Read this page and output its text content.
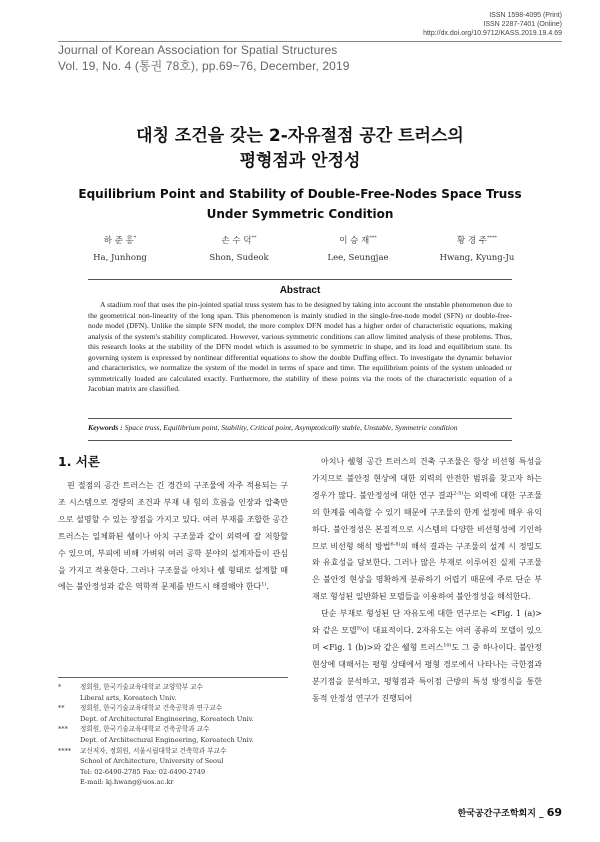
ISSN 1598-4095 (Print)
ISSN 2287-7401 (Online)
http://dx.doi.org/10.9712/KASS.2019.19.4.69
Journal of Korean Association for Spatial Structures
Vol. 19, No. 4 (통권 78호), pp.69~76, December, 2019
대칭 조건을 갖는 2-자유절점 공간 트러스의
평형점과 안정성
Equilibrium Point and Stability of Double-Free-Nodes Space Truss
Under Symmetric Condition
하 준 홍*
Ha, Junhong
손 수 덕**
Shon, Sudeok
이 승 재***
Lee, Seungjae
황 경 주****
Hwang, Kyung-Ju
Abstract
A stadium roof that uses the pin-jointed spatial truss system has to be designed by taking into account the unstable phenomenon due to the geometrical non-linearity of the long span. This phenomenon is mainly studied in the single-free-node model (SFN) or double-free-node model (DFN). Unlike the simple SFN model, the more complex DFN model has a higher order of characteristic equations, making analysis of the system's stability complicated. However, various symmetric conditions can allow limited analysis of these problems. Thus, this research looks at the stability of the DFN model which is assumed to be symmetric in shape, and its load and equilibrium state. Its governing system is expressed by nonlinear differential equations to show the double Duffing effect. To investigate the dynamic behavior and characteristics, we normalize the system of the model in terms of space and time. The equilibrium points of the system unloaded or symmetrically loaded are calculated exactly. Furthermore, the stability of these points via the roots of the characteristic equation of a Jacobian matrix are classified.
Keywords : Space truss, Equilibrium point, Stability, Critical point, Asymptotically stable, Unstable, Symmetric condition
1. 서론

핀 절점의 공간 트러스는 긴 경간의 구조물에 자주 적용되는 구조 시스템으로 경량의 조건과 부재 내 힘의 흐름을 인장과 압축만으로 설명할 수 있는 장점을 가지고 있다. 여러 부재를 조합한 공간 트러스는 일체화된 쉘이나 아치 구조물과 같이 외력에 잘 저항할 수 있으며, 부피에 비해 가벼워 여러 공학 분야의 설계자들이 관심을 가지고 적용한다. 그러나 구조물을 아치나 쉘 형태로 설계할 때에는 불안정성과 같은 역학적 문제를 반드시 해결해야 한다$^{1)}$.

*	정회원, 한국기술교육대학교 교양학부 교수
Liberal arts, Koreatech Univ.
**	정회원, 한국기술교육대학교 건축공학과 연구교수
Dept. of Architectural Engineering, Koreatech Univ.
***	정회원, 한국기술교육대학교 건축공학과 교수
Dept. of Architectural Engineering, Koreatech Univ.
****	교신저자, 정회원, 서울시립대학교 건축학과 부교수
School of Architecture, University of Seoul
Tel: 02-6490-2785 Fax: 02-6490-2749
E-mail: kj.hwang@uos.ac.kr

아치나 쉘형 공간 트러스의 건축 구조물은 항상 비선형 특성을 가지므로 불안정 현상에 대한 외력의 안전한 범위를 찾고자 하는 경우가 많다. 불안정성에 대한 연구 결과$^{2-5)}$는 외력에 대한 구조물의 한계를 예측할 수 있기 때문에 구조물의 한계 설정에 매우 유익하다. 불안정성은 본질적으로 시스템의 다양한 비선형성에 기인하므로 비선형 해석 방법$^{6-8)}$의 해석 결과는 구조물의 설계 시 정밀도와 유효성을 담보한다. 그러나 많은 부재로 이루어진 실제 구조물은 불안정 현상을 명확하게 분류하기 어렵기 때문에 주로 단순 부재로 형성된 일반화된 모델들을 이용하여 불안정성을 해석한다.

단순 부재로 형성된 단 자유도에 대한 연구로는 <Fig. 1 (a)>와 같은 모델$^{9)}$이 대표적이다. 2자유도는 여러 종류의 모델이 있으며 <Fig. 1 (b)>와 같은 쉘형 트러스$^{10)}$도 그 중 하나이다. 불안정 현상에 대해서는 평형 상태에서 평형 경로에서 나타나는 극한점과 분기점을 분석하고, 평형점과 특이점 근방의 특성 방정식을 통한 동적 안정성 연구가 진행되어

한국공간구조학회지 _ 69
